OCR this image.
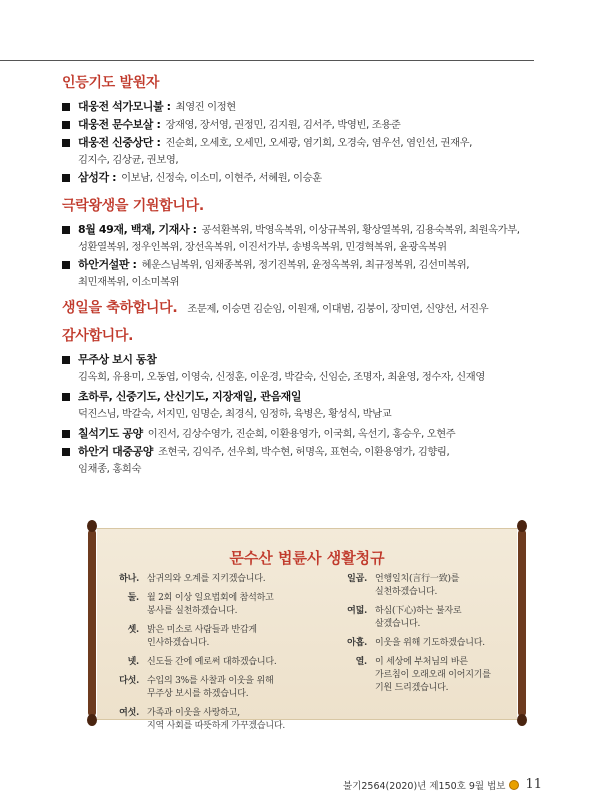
인등기도 발원자
대웅전 석가모니불 : 최영진 이정현
대웅전 문수보살 : 장재영, 장서영, 권정민, 김지원, 김서주, 박영빈, 조용준
대웅전 신중상단 : 진순희, 오세호, 오세민, 오세광, 염기희, 오경숙, 염우선, 염인선, 권재우,
김지수, 김상균, 권보영,
삼성각 : 이보남, 신정숙, 이소미, 이현주, 서혜원, 이승훈
극락왕생을 기원합니다.
8월 49재, 백재, 기재사 : 공석환복위, 박영옥복위, 이상규복위, 황상열복위, 김용숙복위, 최원옥가부,
성환열복위, 정우인복위, 장선옥복위, 이진서가부, 송병욱복위, 민경혁복위, 윤광옥복위
하안거설판 : 혜운스님복위, 임채종복위, 정기진복위, 윤정옥복위, 최규정복위, 김선미복위,
최민재복위, 이소미복위
생일을 축하합니다. 조문제, 이승면 김순임, 이원재, 이대범, 김붕이, 장미연, 신양선, 서진우
감사합니다.
무주상 보시 동참
김옥희, 유용미, 오동엽, 이영숙, 신정훈, 이운경, 박갈숙, 신임순, 조명자, 최윤영, 정수자, 신재영
초하루, 신중기도, 산신기도, 지장재일, 관음재일
덕진스님, 박갈숙, 서지민, 임명순, 최경식, 임정하, 육병은, 황성식, 박남교
칠석기도 공양 이진서, 김상수영가, 진순희, 이환용영가, 이국희, 옥선기, 홍승우, 오현주
하안거 대중공양 조현국, 김익주, 선우회, 박수현, 허명옥, 표현숙, 이환용영가, 김향림,
임채종, 홍희숙
문수산 법륜사 생활청규
하나. 삼귀의와 오계를 지키겠습니다.
둘. 월 2회 이상 일요법회에 참석하고
봉사를 실천하겠습니다.
셋. 밝은 미소로 사람들과 반갑게
인사하겠습니다.
넷. 신도들 간에 예로써 대하겠습니다.
다섯. 수입의 3%를 사찰과 이웃을 위해
무주상 보시를 하겠습니다.
여섯. 가족과 이웃을 사랑하고,
지역 사회를 따뜻하게 가꾸겠습니다.
일곱. 언행일치(言行一致)를
실천하겠습니다.
여덟. 하심(下心)하는 불자로
살겠습니다.
아홉. 이웃을 위해 기도하겠습니다.
열. 이 세상에 부처님의 바른
가르침이 오래오래 이어지기를
기원 드리겠습니다.
불기2564(2020)년 제150호 9월 법보 11
